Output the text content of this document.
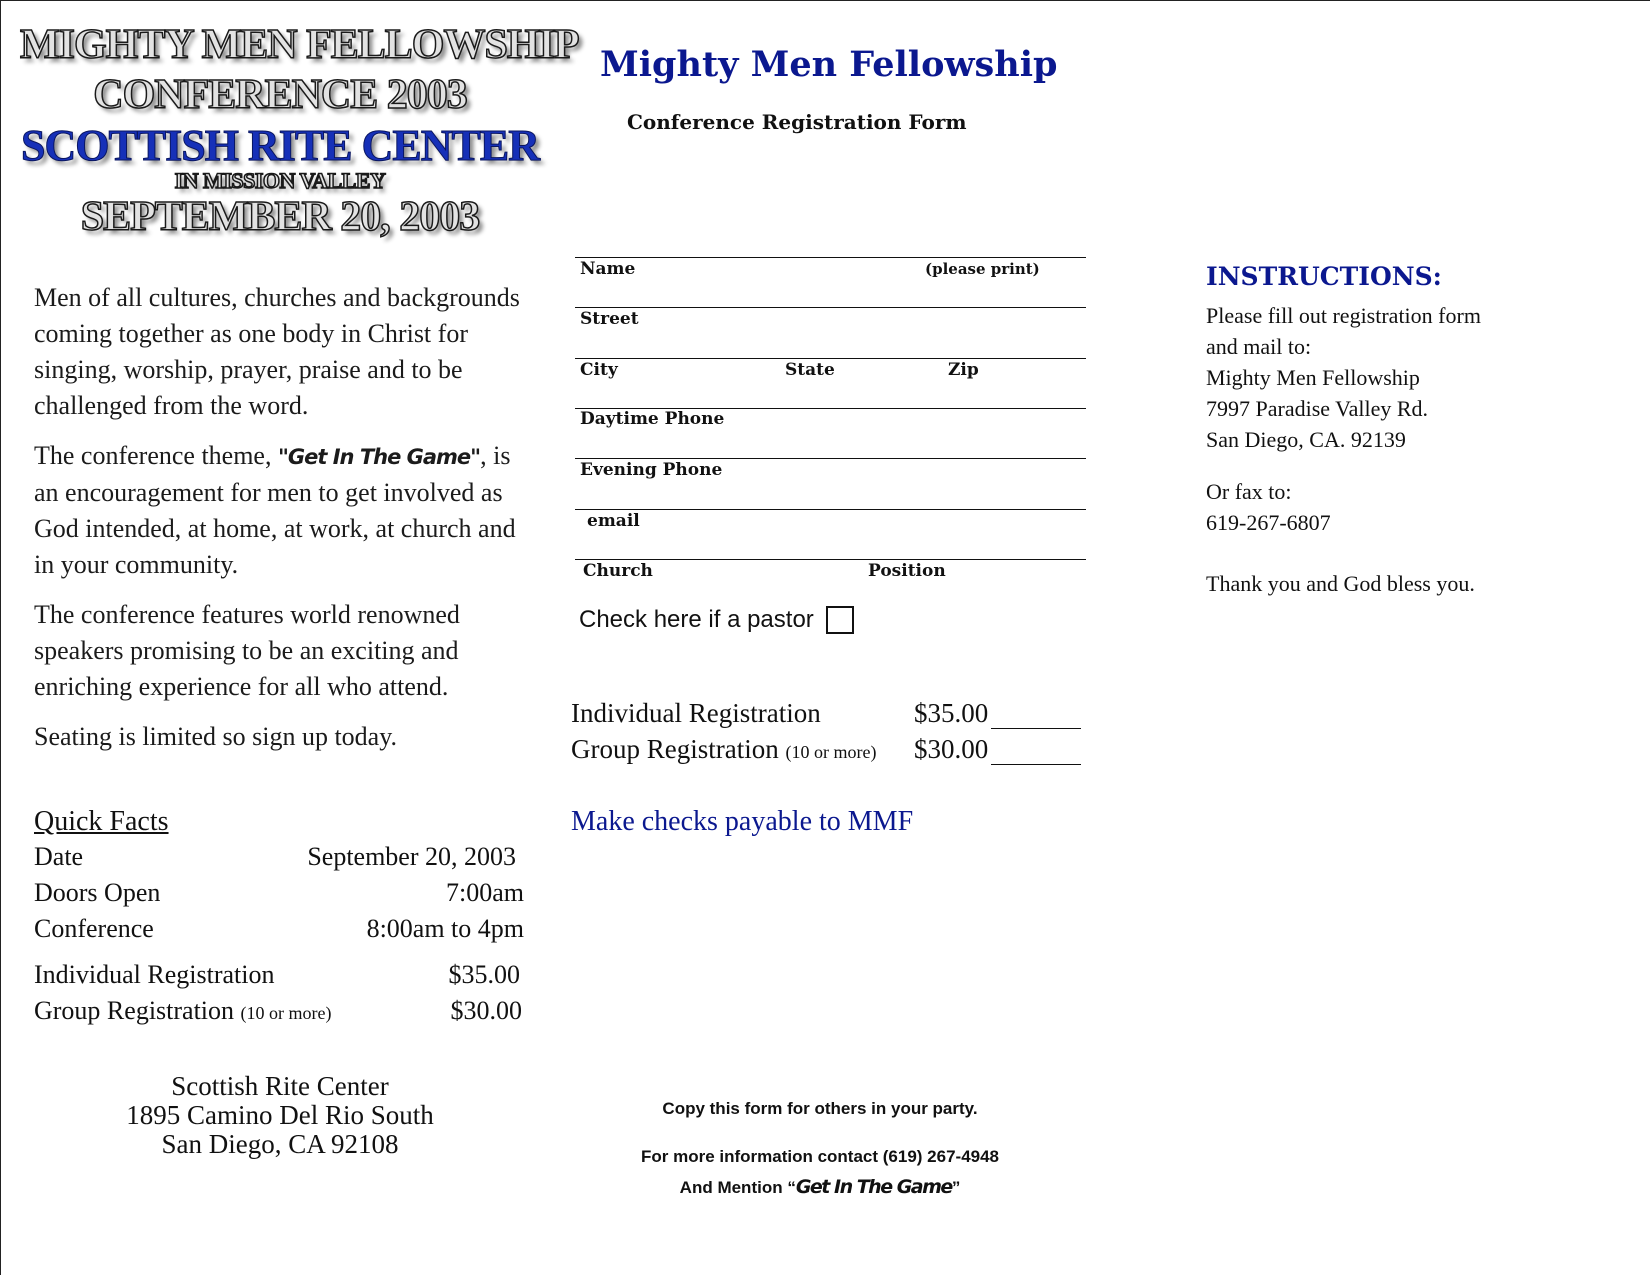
MIGHTY MEN FELLOWSHIP
CONFERENCE 2003
SCOTTISH RITE CENTER
IN MISSION VALLEY
SEPTEMBER 20, 2003

Men of all cultures, churches and backgrounds coming together as one body in Christ for singing, worship, prayer, praise and to be challenged from the word.

The conference theme, "Get In The Game", is an encouragement for men to get involved as God intended, at home, at work, at church and in your community.

The conference features world renowned speakers promising to be an exciting and enriching experience for all who attend.

Seating is limited so sign up today.

Quick Facts
Date	September 20, 2003
Doors Open	7:00am
Conference	8:00am to 4pm
Individual Registration	$35.00
Group Registration (10 or more)	$30.00
Scottish Rite Center
1895 Camino Del Rio South
San Diego, CA 92108
Mighty Men Fellowship
Conference Registration Form
Name	(please print)
Street
City	State	Zip
Daytime Phone
Evening Phone
email
Church	Position
Check here if a pastor
Individual Registration	$35.00
Group Registration (10 or more) $30.00
Make checks payable to MMF
Copy this form for others in your party.
For more information contact (619) 267-4948
And Mention “Get In The Game”
INSTRUCTIONS:
Please fill out registration form
and mail to:
Mighty Men Fellowship
7997 Paradise Valley Rd.
San Diego, CA. 92139
Or fax to:
619-267-6807
Thank you and God bless you.
